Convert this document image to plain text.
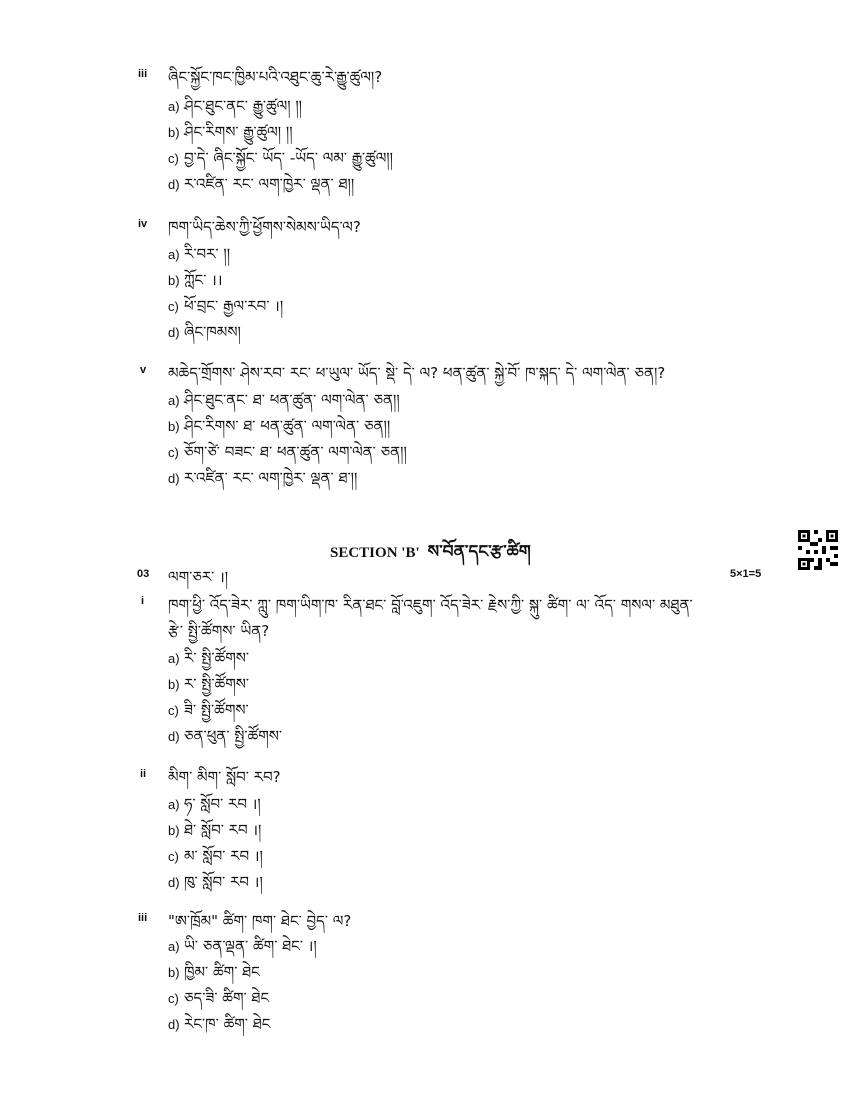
iii ཞིང་སྐྱོང་ཁང་ཁྱིམ་པའི་འཐུང་ཆུ་རེ་རྒྱུ་ཚུལ།?
a) ཤིང་ཐུང་ནང་ རྒྱུ་ཚུལ། །།
b) ཤིང་རིགས་ རྒྱུ་ཚུལ། །།
c) བྱ་དེ་ ཞིང་སྐྱོང་ ཡོད་ -ཡོད་ ལམ་ རྒྱུ་ཚུལ།།
d) ར་འཛིན་ རང་ ལག་ཁྱེར་ ལྡན་ ཐ།།
iv ཁག་ཡིད་ཆེས་ཀྱི་ཕྱོགས་སེམས་ཡིད་ལ?
a) རི་བར་ །།
b) ཀློང་ ।।
c) ཕོ་བྲང་ རྒྱལ་རབ་ ।།
d) ཞིང་ཁམས།
v མཆེད་གྲོགས་ ཤེས་རབ་ རང་ ཕ་ཡུལ་ ཡོད་ སྡེ་ དེ་ ལ? ཕན་ཚུན་ སྐྱེ་བོ་ ཁ་སྐད་ དེ་ ལག་ལེན་ ཅན།?
a) ཤིང་ཐུང་ནང་ ཐ་ ཕན་ཚུན་ ལག་ལེན་ ཅན།།
b) ཤིང་རིགས་ ཐ་ ཕན་ཚུན་ ལག་ལེན་ ཅན།།
c) ཅོག་ཙེ་ བཟང་ ཐ་ ཕན་ཚུན་ ལག་ལེན་ ཅན།།
d) ར་འཛིན་ རང་ ལག་ཁྱེར་ ལྡན་ ཐ་།།
SECTION 'B' ས་བོན་དང་རྩ་ཚིག
03 ལག་ཅར་ ।།	5×1=5
i ཁག་ཕྱི་ འོད་ཟེར་ ཀླུ་ ཁག་ཡིག་ཁ་ རིན་ཐང་ བློ་འཇུག་ འོད་ཟེར་ རྗེས་ཀྱི་ སྐུ་ ཚིག་ ལ་ འོད་ གསལ་ མཐུན་
རྩེ་ སྤྱི་ཚོགས་ ཡིན?
a) རི་ སྤྱི་ཚོགས་
b) ར་ སྤྱི་ཚོགས་
c) ཟི་ སྤྱི་ཚོགས་
d) ཅན་ཕུན་ སྤྱི་ཚོགས་
ii མིག་ མིག་ སློབ་ རབ?
a) ཧ་ སློབ་ རབ ।།
b) ཐེ་ སློབ་ རབ ।།
c) མ་ སློབ་ རབ ।།
d) ཁུ་ སློབ་ རབ ।།
iii "ཨ་ཁྲོམ" ཚིག་ ཁག་ ཐེང་ བྱེད་ ལ?
a) ཡི་ ཅན་ལྡན་ ཚིག་ ཐེང་ ।།
b) ཁྱིམ་ ཚིག་ ཐེང
c) ཅད་ཟི་ ཚིག་ ཐེང
d) རེང་ཁ་ ཚིག་ ཐེང
